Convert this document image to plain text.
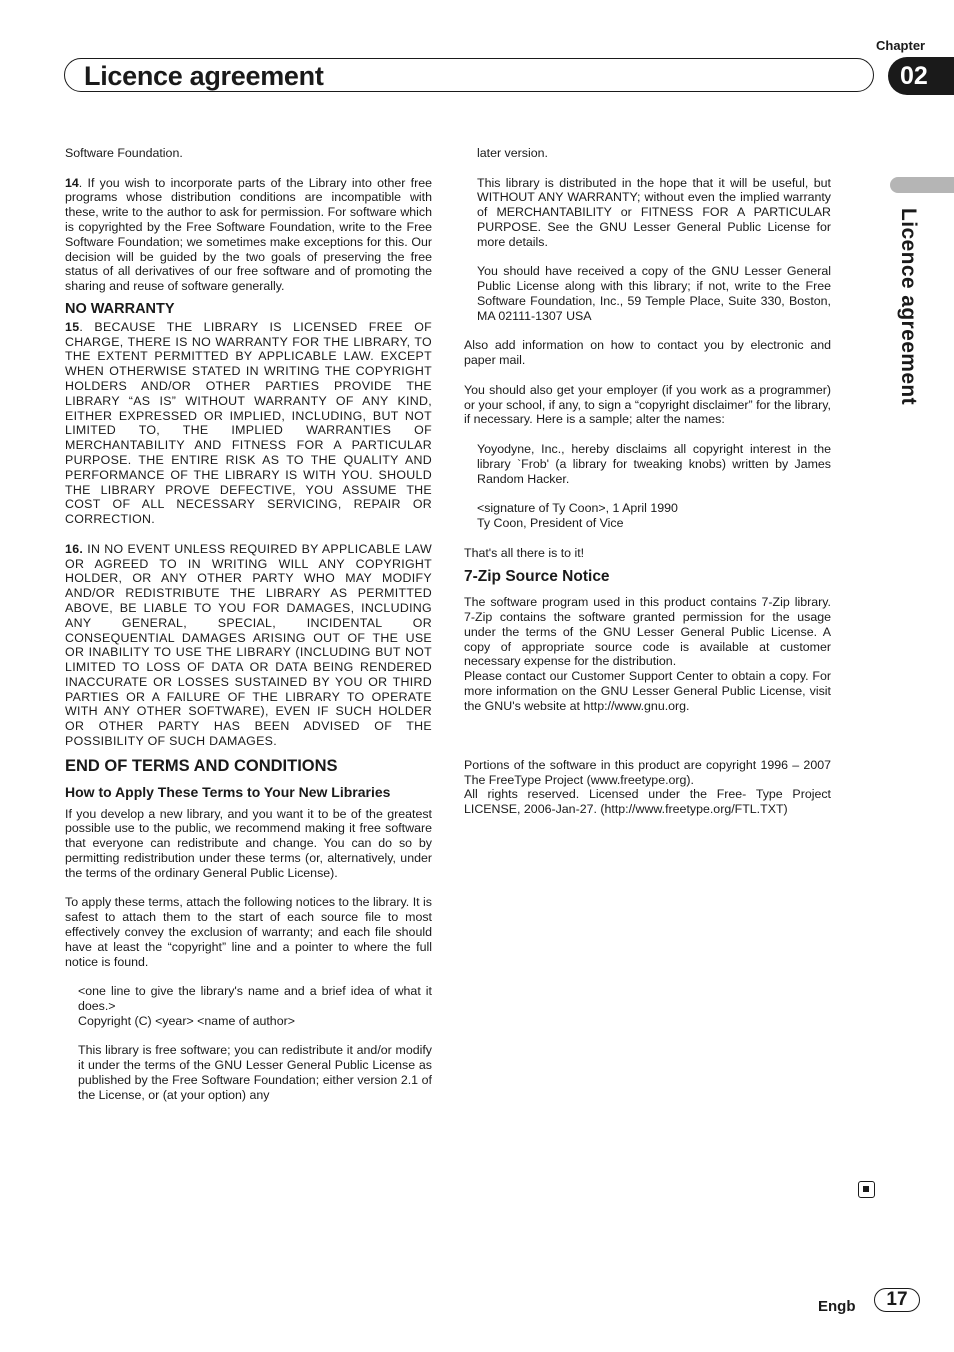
Chapter
Licence agreement	02
Licence agreement

Software Foundation.

14. If you wish to incorporate parts of the Library into other free programs whose distribution conditions are incompatible with these, write to the author to ask for permission. For software which is copyrighted by the Free Software Foundation, write to the Free Software Foundation; we sometimes make exceptions for this. Our decision will be guided by the two goals of preserving the free status of all derivatives of our free software and of promoting the sharing and reuse of software generally.

NO WARRANTY

15. BECAUSE THE LIBRARY IS LICENSED FREE OF CHARGE, THERE IS NO WARRANTY FOR THE LIBRARY, TO THE EXTENT PERMITTED BY APPLICABLE LAW. EXCEPT WHEN OTHERWISE STATED IN WRITING THE COPYRIGHT HOLDERS AND/OR OTHER PARTIES PROVIDE THE LIBRARY “AS IS” WITHOUT WARRANTY OF ANY KIND, EITHER EXPRESSED OR IMPLIED, INCLUDING, BUT NOT LIMITED TO, THE IMPLIED WARRANTIES OF MERCHANTABILITY AND FITNESS FOR A PARTICULAR PURPOSE. THE ENTIRE RISK AS TO THE QUALITY AND PERFORMANCE OF THE LIBRARY IS WITH YOU. SHOULD THE LIBRARY PROVE DEFECTIVE, YOU ASSUME THE COST OF ALL NECESSARY SERVICING, REPAIR OR CORRECTION.

16. IN NO EVENT UNLESS REQUIRED BY APPLICABLE LAW OR AGREED TO IN WRITING WILL ANY COPYRIGHT HOLDER, OR ANY OTHER PARTY WHO MAY MODIFY AND/OR REDISTRIBUTE THE LIBRARY AS PERMITTED ABOVE, BE LIABLE TO YOU FOR DAMAGES, INCLUDING ANY GENERAL, SPECIAL, INCIDENTAL OR CONSEQUENTIAL DAMAGES ARISING OUT OF THE USE OR INABILITY TO USE THE LIBRARY (INCLUDING BUT NOT LIMITED TO LOSS OF DATA OR DATA BEING RENDERED INACCURATE OR LOSSES SUSTAINED BY YOU OR THIRD PARTIES OR A FAILURE OF THE LIBRARY TO OPERATE WITH ANY OTHER SOFTWARE), EVEN IF SUCH HOLDER OR OTHER PARTY HAS BEEN ADVISED OF THE POSSIBILITY OF SUCH DAMAGES.

END OF TERMS AND CONDITIONS
How to Apply These Terms to Your New Libraries

If you develop a new library, and you want it to be of the greatest possible use to the public, we recommend making it free software that everyone can redistribute and change. You can do so by permitting redistribution under these terms (or, alternatively, under the terms of the ordinary General Public License).

To apply these terms, attach the following notices to the library. It is safest to attach them to the start of each source file to most effectively convey the exclusion of warranty; and each file should have at least the “copyright” line and a pointer to where the full notice is found.

<one line to give the library's name and a brief idea of what it does.>

Copyright (C) <year> <name of author>

This library is free software; you can redistribute it and/or modify it under the terms of the GNU Lesser General Public License as published by the Free Software Foundation; either version 2.1 of the License, or (at your option) any

later version.

This library is distributed in the hope that it will be useful, but WITHOUT ANY WARRANTY; without even the implied warranty of MERCHANTABILITY or FITNESS FOR A PARTICULAR PURPOSE. See the GNU Lesser General Public License for more details.

You should have received a copy of the GNU Lesser General Public License along with this library; if not, write to the Free Software Foundation, Inc., 59 Temple Place, Suite 330, Boston, MA 02111-1307 USA

Also add information on how to contact you by electronic and paper mail.

You should also get your employer (if you work as a programmer) or your school, if any, to sign a “copyright disclaimer” for the library, if necessary. Here is a sample; alter the names:

Yoyodyne, Inc., hereby disclaims all copyright interest in the library `Frob' (a library for tweaking knobs) written by James Random Hacker.

<signature of Ty Coon>, 1 April 1990

Ty Coon, President of Vice

That's all there is to it!

7-Zip Source Notice

The software program used in this product contains 7-Zip library. 7-Zip contains the software granted permission for the usage under the terms of the GNU Lesser General Public License. A copy of appropriate source code is available at customer necessary expense for the distribution.

Please contact our Customer Support Center to obtain a copy. For more information on the GNU Lesser General Public License, visit the GNU's website at http://www.gnu.org.

Portions of the software in this product are copyright 1996 – 2007 The FreeType Project (www.freetype.org).

All rights reserved. Licensed under the Free- Type Project LICENSE, 2006-Jan-27. (http://www.freetype.org/FTL.TXT)

Engb	17
